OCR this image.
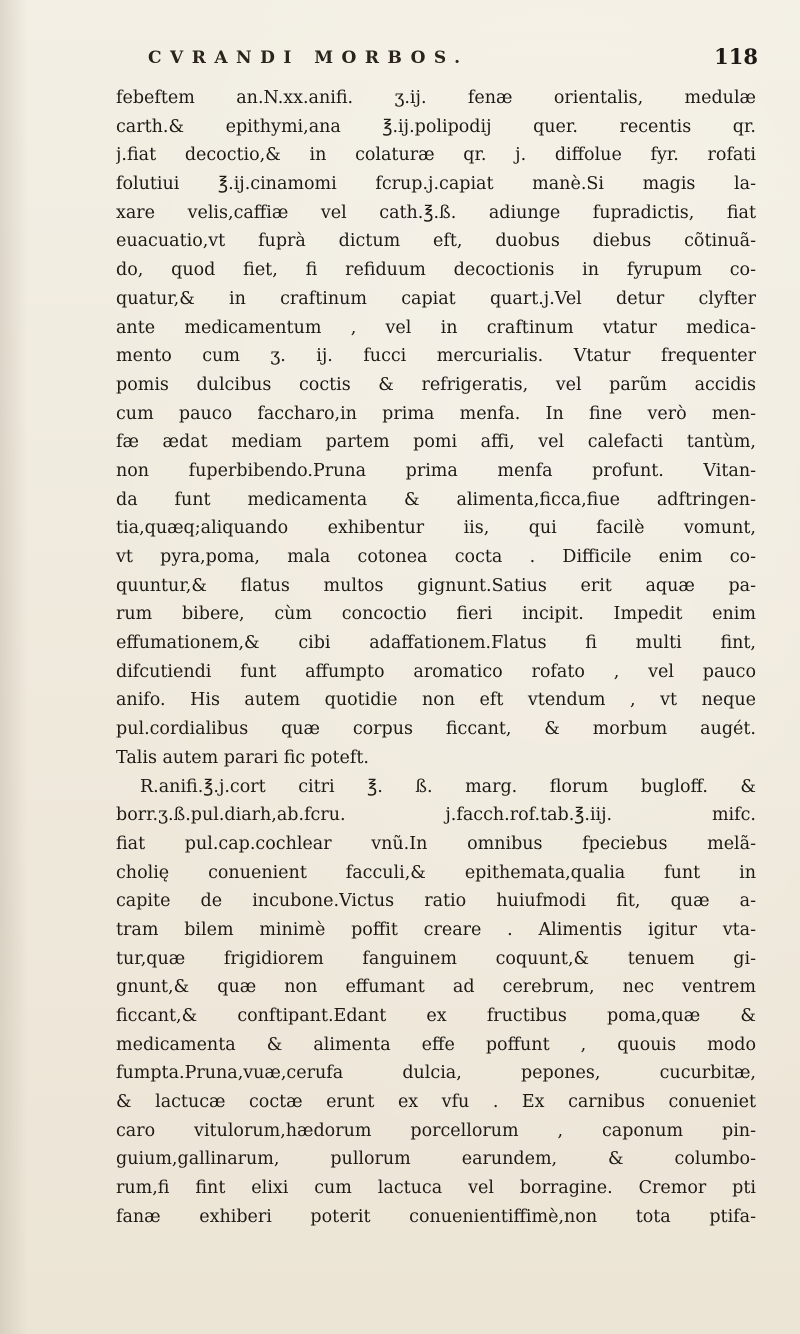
CVRANDI MORBOS.	118
febeftem an.N.xx.anifi. ʒ.ij. fenæ orientalis, medulæ
carth.& epithymi,ana ℥.ij.polipodij quer. recentis qr.
j.fiat decoctio,& in colaturæ qr. j. diffolue fyr. rofati
folutiui ℥.ij.cinamomi fcrup.j.capiat manè.Si magis la-
xare velis,caffiæ vel cath.℥.ß. adiunge fupradictis, fiat
euacuatio,vt fuprà dictum eft, duobus diebus cõtinuã-
do, quod fiet, fi refiduum decoctionis in fyrupum co-
quatur,& in craftinum capiat quart.j.Vel detur clyfter
ante medicamentum , vel in craftinum vtatur medica-
mento cum ʒ. ij. fucci mercurialis. Vtatur frequenter
pomis dulcibus coctis & refrigeratis, vel parũm accidis
cum pauco faccharo,in prima menfa. In fine verò men-
fæ ædat mediam partem pomi affi, vel calefacti tantùm,
non fuperbibendo.Pruna prima menfa profunt. Vitan-
da funt medicamenta & alimenta,ficca,fiue adftringen-
tia,quæq;aliquando exhibentur iis, qui facilè vomunt,
vt pyra,poma, mala cotonea cocta . Difficile enim co-
quuntur,& flatus multos gignunt.Satius erit aquæ pa-
rum bibere, cùm concoctio fieri incipit. Impedit enim
effumationem,& cibi adaffationem.Flatus fi multi fint,
difcutiendi funt affumpto aromatico rofato , vel pauco
anifo. His autem quotidie non eft vtendum , vt neque
pul.cordialibus quæ corpus ficcant, & morbum augét.
Talis autem parari fic poteft.
R.anifi.℥.j.cort citri ℥. ß. marg. florum bugloff. &
borr.ʒ.ß.pul.diarh,ab.fcru. j.facch.rof.tab.℥.iij. mifc.
fiat pul.cap.cochlear vnũ.In omnibus fpeciebus melã-
cholię conuenient facculi,& epithemata,qualia funt in
capite de incubone.Victus ratio huiufmodi fit, quæ a-
tram bilem minimè poffit creare . Alimentis igitur vta-
tur,quæ frigidiorem fanguinem coquunt,& tenuem gi-
gnunt,& quæ non effumant ad cerebrum, nec ventrem
ficcant,& conftipant.Edant ex fructibus poma,quæ &
medicamenta & alimenta effe poffunt , quouis modo
fumpta.Pruna,vuæ,cerufa dulcia, pepones, cucurbitæ,
& lactucæ coctæ erunt ex vfu . Ex carnibus conueniet
caro vitulorum,hædorum porcellorum , caponum pin-
guium,gallinarum, pullorum earundem, & columbo-
rum,fi fint elixi cum lactuca vel borragine. Cremor pti
fanæ exhiberi poterit conuenientiffimè,non tota ptifa-
